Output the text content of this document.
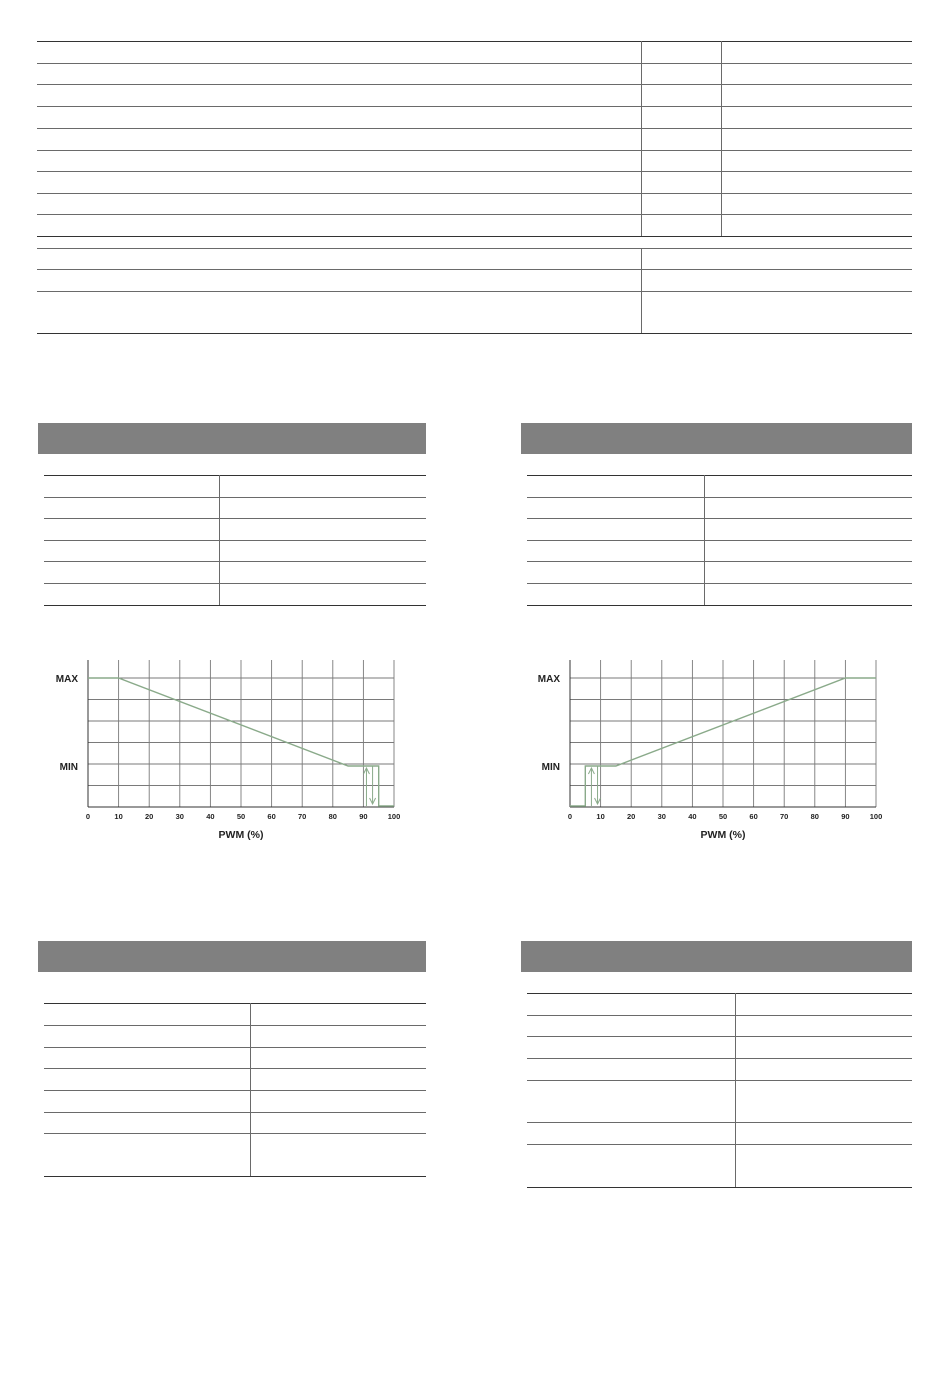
0	10	20	30	40	50	60	70	80	90	100
MAX
MIN
PWM (%)
0	10	20	30	40	50	60	70	80	90	100
MAX
MIN
PWM (%)
